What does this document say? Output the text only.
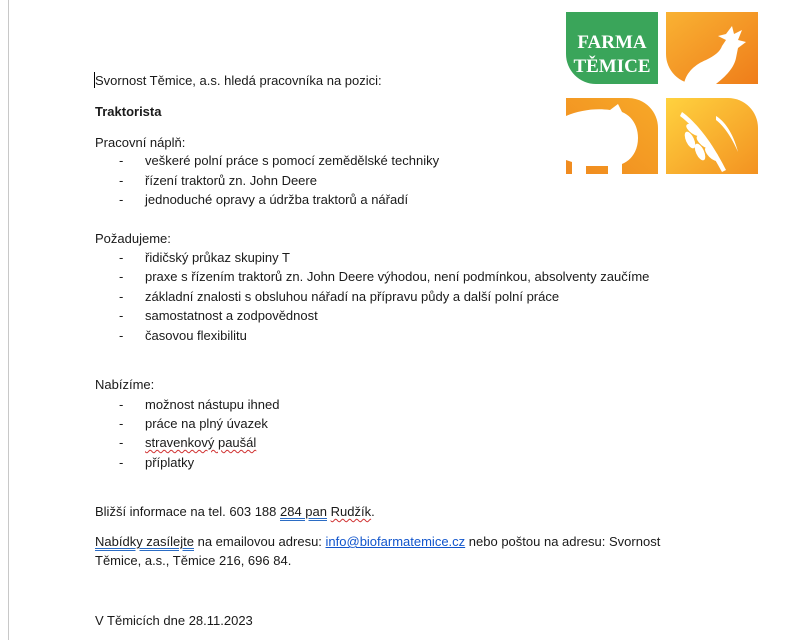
Svornost Těmice, a.s. hledá pracovníka na pozici:
Traktorista
Pracovní náplň:
- veškeré polní práce s pomocí zemědělské techniky
- řízení traktorů zn. John Deere
- jednoduché opravy a údržba traktorů a nářadí
Požadujeme:
- řidičský průkaz skupiny T
- praxe s řízením traktorů zn. John Deere výhodou, není podmínkou, absolventy zaučíme
- základní znalosti s obsluhou nářadí na přípravu půdy a další polní práce
- samostatnost a zodpovědnost
- časovou flexibilitu
Nabízíme:
- možnost nástupu ihned
- práce na plný úvazek
- stravenkový paušál
- příplatky
Bližší informace na tel. 603 188 284 pan Rudžík.
Nabídky zasílejte na emailovou adresu: info@biofarmatemice.cz nebo poštou na adresu: Svornost
Těmice, a.s., Těmice 216, 696 84.
V Těmicích dne 28.11.2023
FARMA
TĚMICE
